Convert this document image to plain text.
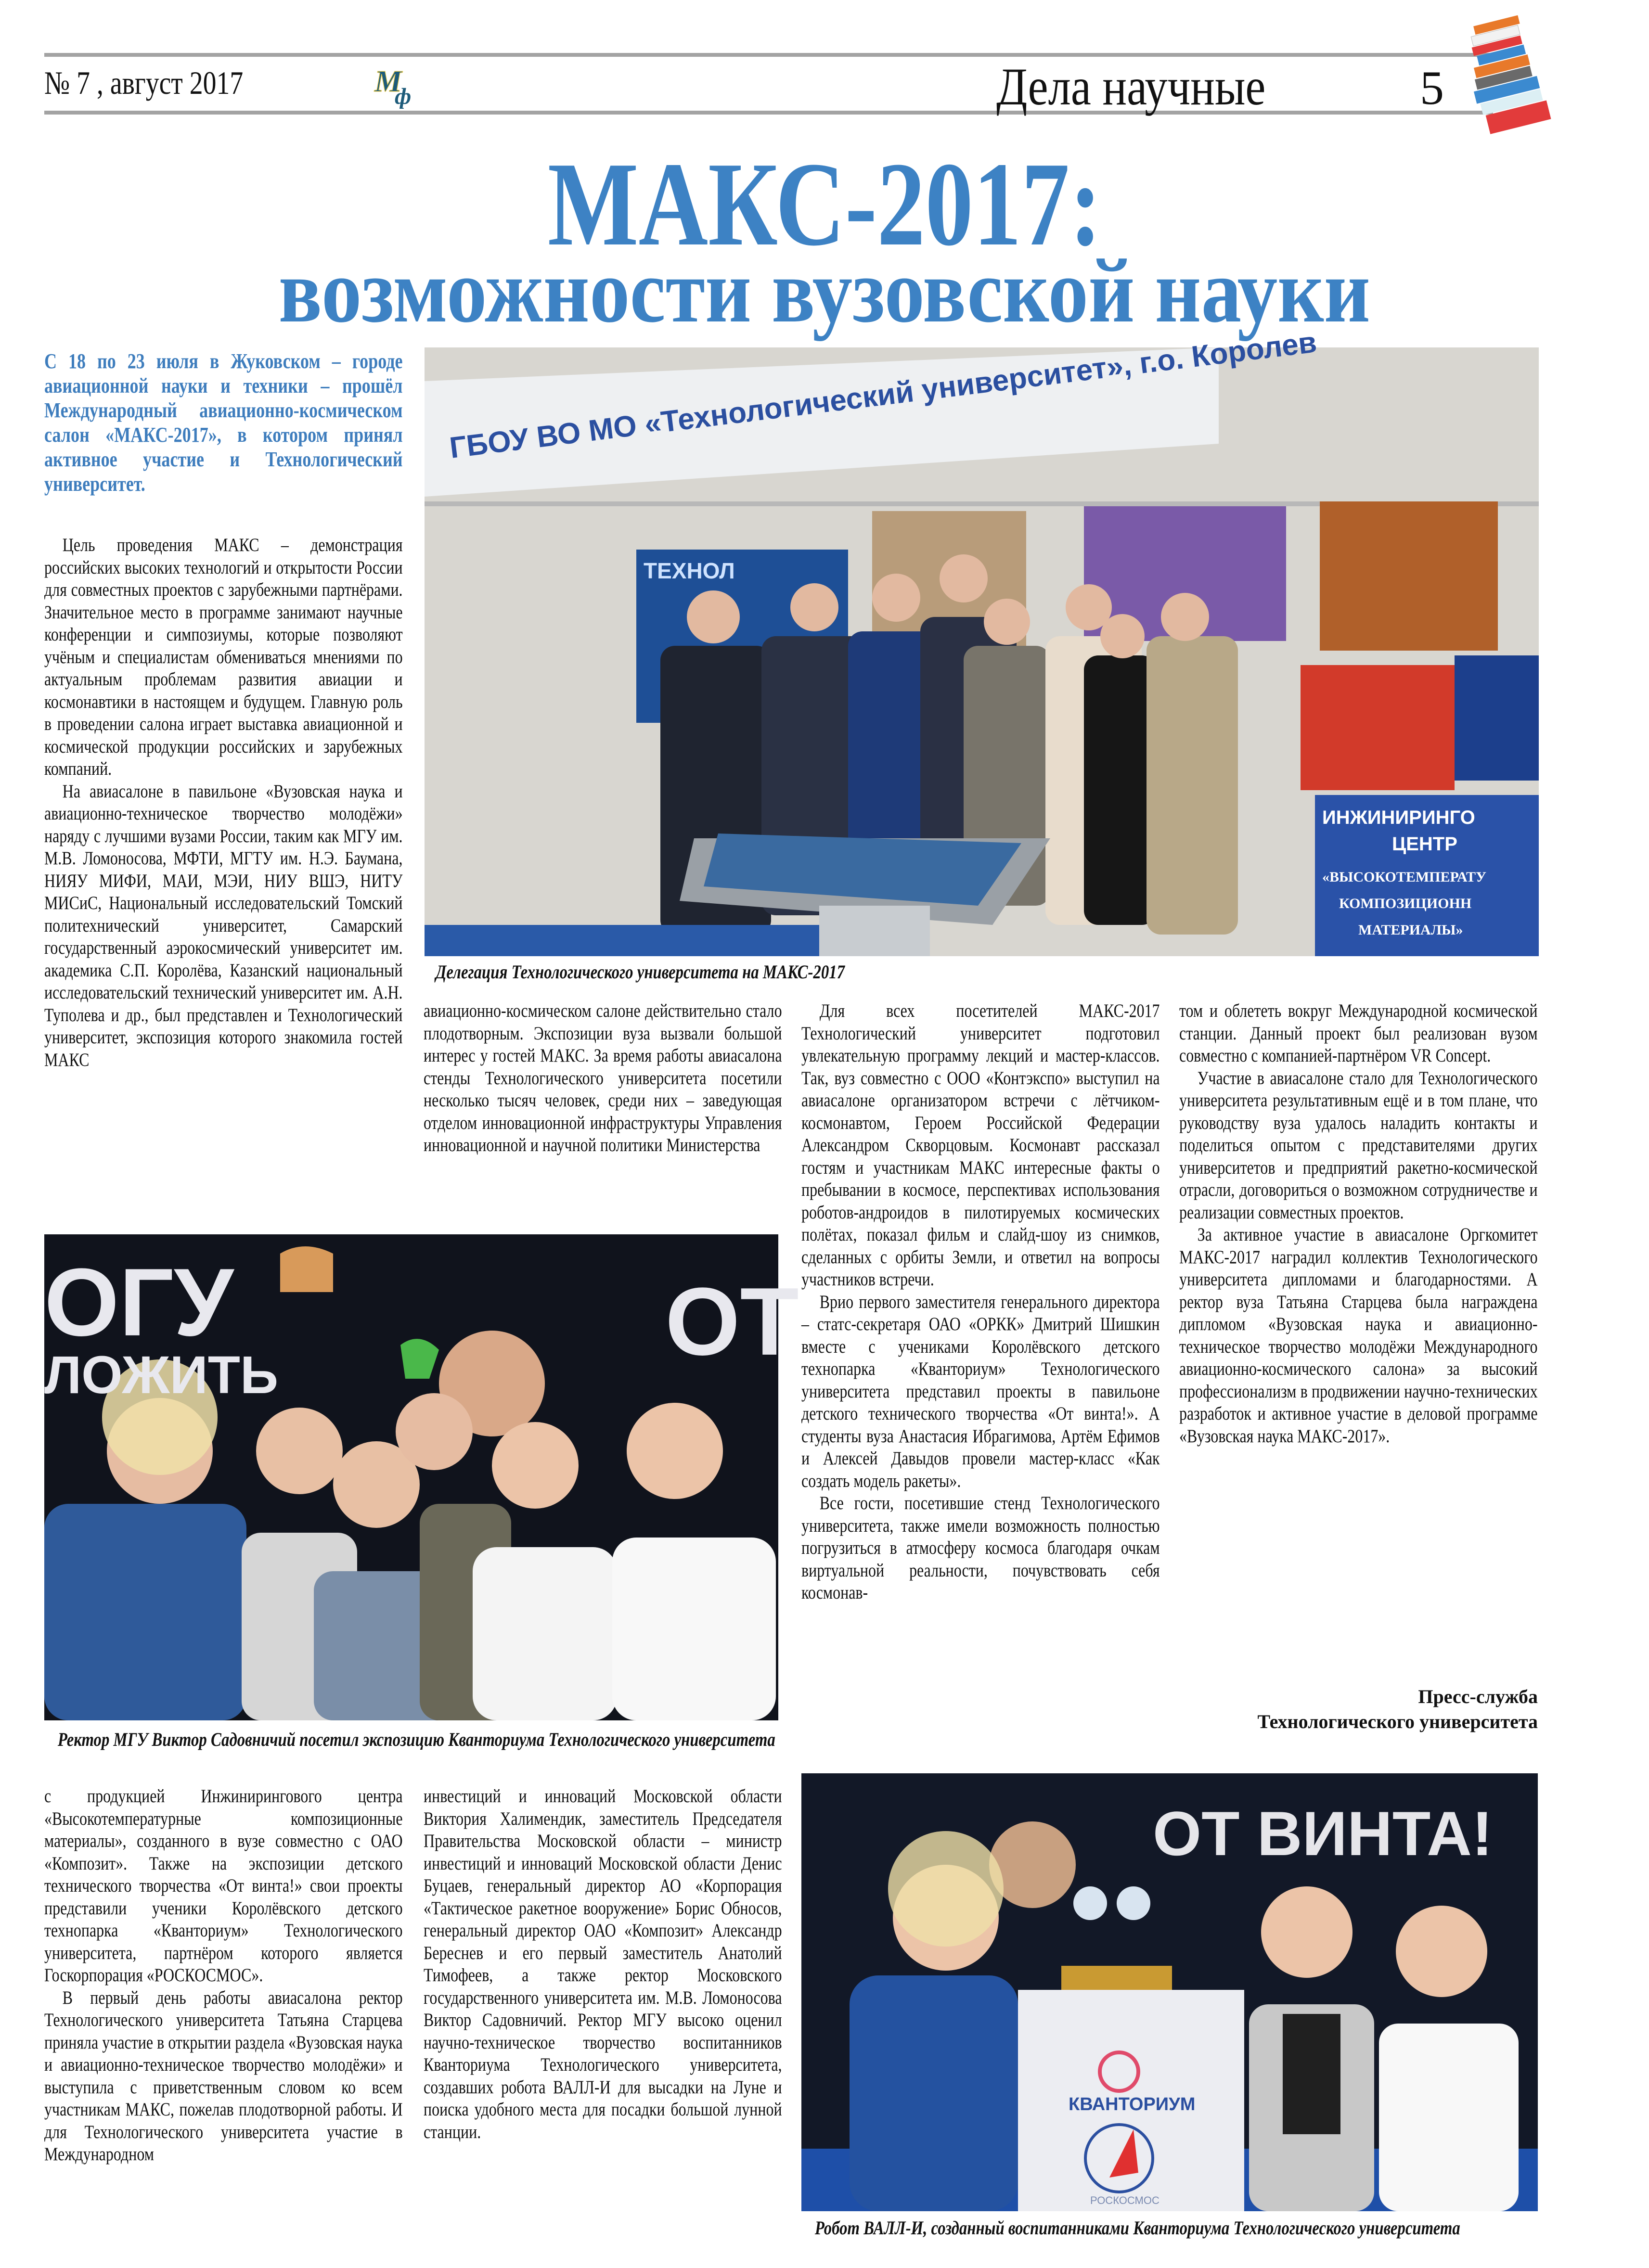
№ 7 , август 2017	М
ф	Дела научные	5
МАКС-2017:
возможности вузовской науки
С 18 по 23 июля в Жуковском – городе авиационной науки и техники – прошёл Международный авиационно-космическом салон «МАКС-2017», в котором принял активное участие и Технологический университет.
ГБОУ ВО МО «Технологический университет», г.о. Королев
ТЕХНОЛ
ИНЖИНИРИНГО
ЦЕНТР
«ВЫСОКОТЕМПЕРАТУ
КОМПОЗИЦИОНН
МАТЕРИАЛЫ»
Делегация Технологического университета на МАКС-2017

Цель проведения МАКС – демонстрация российских высоких технологий и открытости России для совместных проектов с зарубежными партнёрами. Значительное место в программе занимают научные конференции и симпозиумы, которые позволяют учёным и специалистам обмениваться мнениями по актуальным проблемам развития авиации и космонавтики в настоящем и будущем. Главную роль в проведении салона играет выставка авиационной и космической продукции российских и зарубежных компаний.

На авиасалоне в павильоне «Вузовская наука и авиационно-техническое творчество молодёжи» наряду с лучшими вузами России, таким как МГУ им. М.В. Ломоносова, МФТИ, МГТУ им. Н.Э. Баумана, НИЯУ МИФИ, МАИ, МЭИ, НИУ ВШЭ, НИТУ МИСиС, Национальный исследовательский Томский политехнический университет, Самарский государственный аэрокосмический университет им. академика С.П. Королёва, Казанский национальный исследовательский технический университет им. А.Н. Туполева и др., был представлен и Технологический университет, экспозиция которого знакомила гостей МАКС

авиационно-космическом салоне действительно стало плодотворным. Экспозиции вуза вызвали большой интерес у гостей МАКС. За время работы авиасалона стенды Технологического университета посетили несколько тысяч человек, среди них – заведующая отделом инновационной инфраструктуры Управления инновационной и научной политики Министерства

Для всех посетителей МАКС-2017 Технологический университет подготовил увлекательную программу лекций и мастер-классов. Так, вуз совместно с ООО «Контэкспо» выступил на авиасалоне организатором встречи с лётчиком-космонавтом, Героем Российской Федерации Александром Скворцовым. Космонавт рассказал гостям и участникам МАКС интересные факты о пребывании в космосе, перспективах использования роботов-андроидов в пилотируемых космических полётах, показал фильм и слайд-шоу из снимков, сделанных с орбиты Земли, и ответил на вопросы участников встречи.

Врио первого заместителя генерального директора – статс-секретаря ОАО «ОРКК» Дмитрий Шишкин вместе с учениками Королёвского детского технопарка «Кванториум» Технологического университета представил проекты в павильоне детского технического творчества «От винта!». А студенты вуза Анастасия Ибрагимова, Артём Ефимов и Алексей Давыдов провели мастер-класс «Как создать модель ракеты».

Все гости, посетившие стенд Технологического университета, также имели возможность полностью погрузиться в атмосферу космоса благодаря очкам виртуальной реальности, почувствовать себя космонав-

том и облететь вокруг Международной космической станции. Данный проект был реализован вузом совместно с компанией-партнёром VR Concept.

Участие в авиасалоне стало для Технологического университета результативным ещё и в том плане, что руководству вуза удалось наладить контакты и поделиться опытом с представителями других университетов и предприятий ракетно-космической отрасли, договориться о возможном сотрудничестве и реализации совместных проектов.

За активное участие в авиасалоне Оргкомитет МАКС-2017 наградил коллектив Технологического университета дипломами и благодарностями. А ректор вуза Татьяна Старцева была награждена дипломом «Вузовская наука и авиационно-техническое творчество молодёжи Международного авиационно-космического салона» за высокий профессионализм в продвижении научно-технических разработок и активное участие в деловой программе «Вузовская наука МАКС-2017».

Пресс-служба
Технологического университета
ОГУ
ЛОЖИТЬ	ОТ
Ректор МГУ Виктор Садовничий посетил экспозицию Кванториума Технологического университета

с продукцией Инжинирингового центра «Высокотемпературные композиционные материалы», созданного в вузе совместно с ОАО «Композит». Также на экспозиции детского технического творчества «От винта!» свои проекты представили ученики Королёвского детского технопарка «Кванториум» Технологического университета, партнёром которого является Госкорпорация «РОСКОСМОС».

В первый день работы авиасалона ректор Технологического университета Татьяна Старцева приняла участие в открытии раздела «Вузовская наука и авиационно-техническое творчество молодёжи» и выступила с приветственным словом ко всем участникам МАКС, пожелав плодотворной работы. И для Технологического университета участие в Международном

инвестиций и инноваций Московской области Виктория Халимендик, заместитель Председателя Правительства Московской области – министр инвестиций и инноваций Московской области Денис Буцаев, генеральный директор АО «Корпорация «Тактическое ракетное вооружение» Борис Обносов, генеральный директор ОАО «Композит» Александр Береснев и его первый заместитель Анатолий Тимофеев, а также ректор Московского государственного университета им. М.В. Ломоносова Виктор Садовничий. Ректор МГУ высоко оценил научно-техническое творчество воспитанников Кванториума Технологического университета, создавших робота ВАЛЛ-И для высадки на Луне и поиска удобного места для посадки большой лунной станции.

ОТ ВИНТА!
КВАНТОРИУМ
РОСКОСМОС
Робот ВАЛЛ-И, созданный воспитанниками Кванториума Технологического университета
